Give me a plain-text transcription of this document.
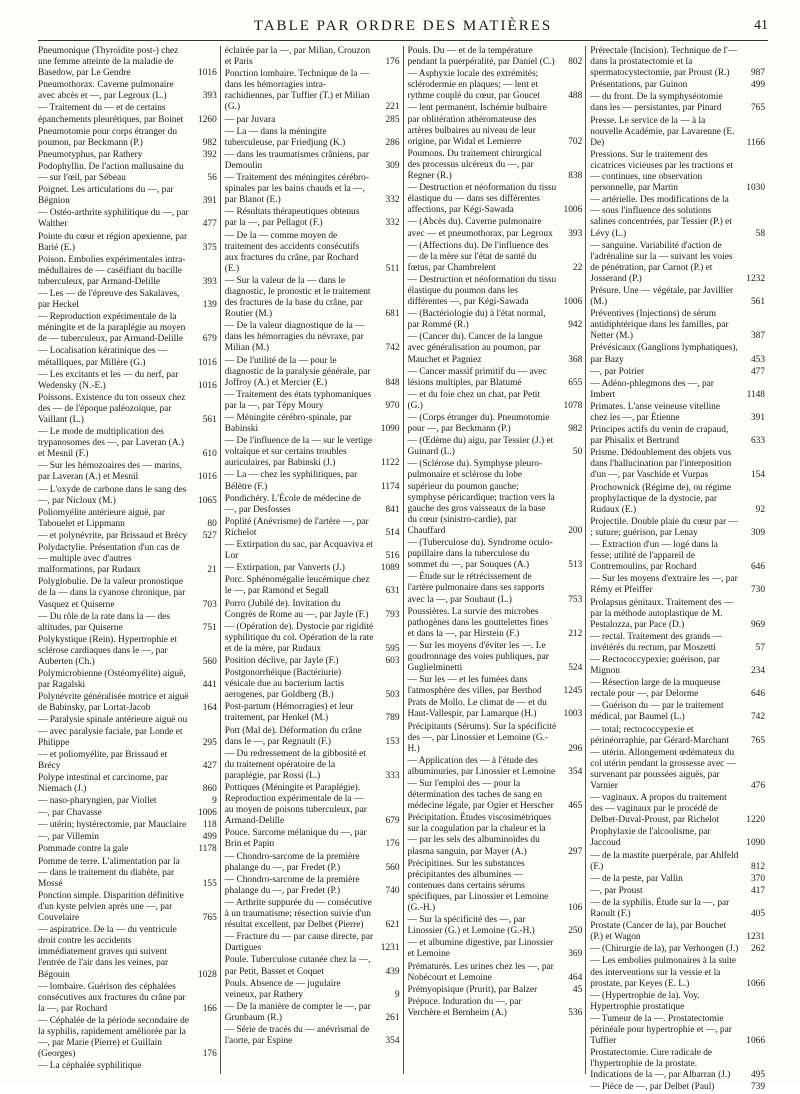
TABLE PAR ORDRE DES MATIÈRES	41
Pneumonique (Thyroïdite post-) chez une femme atteinte de la maladie de Basedow, par Le Gendre	1016
Pneumothorax. Caverne pulmonaire avec abcès et —, par Legroux (L.)	393
— Traitement du — et de certains épanchements pleurétiques, par Boinet	1260
Pneumotomie pour corps étranger du poumon, par Beckmann (P.)	982
Pneumotyphus, par Rathery	392
Podophyllin. De l'action mallusaine du — sur l'œil, par Sébeau	56
Poignet. Les articulations du —, par Bégnion	391
— Ostéo-arthrite syphilitique du —, par Walther	477
Pointe du cœur et région apexienne, par Barié (E.)	375
Poison. Embolies expérimentales intra-médullaires de — caséifiant du bacille tuberculeux, par Armand-Delille	393
— Les — de l'épreuve des Sakalaves, par Heckel	139
— Reproduction expérimentale de la méningite et de la paraplégie au moyen de — tuberculeux, par Armand-Delille	679
— Localisation kératinique des — métalliques, par Millère (G.)	1016
— Les excitants et les — du nerf, par Wedensky (N.-E.)	1016
Poissons. Existence du ton osseux chez des — de l'époque paléozoïque, par Vaillant (L.)	561
— Le mode de multiplication des trypanosomes des —, par Laveran (A.) et Mesnil (F.)	610
— Sur les hémozoaires des — marins, par Laveran (A.) et Mesnil	1016
— L'oxyde de carbone dans le sang des —, par Nicloux (M.)	1065
Poliomyélite antérieure aiguë, par Tabouelet et Lippmann	80
— et polynévrite, par Brissaud et Brécy	527
Polydactylie. Présentation d'un cas de — multiple avec d'autres malformations, par Rudaux	21
Polyglobulie. De la valeur pronostique de la — dans la cyanose chronique, par Vasquez et Quiserne	703
— Du rôle de la rate dans la — des altitudes, par Quiserne	751
Polykystique (Rein). Hypertrophie et sclérose cardiaques dans le —, par Auberten (Ch.)	560
Polymicrobienne (Ostéomyélite) aiguë, par Ragalski	441
Polynévrite généralisée motrice et aiguë de Babinsky, par Lortat-Jacob	164
— Paralysie spinale antérieure aiguë ou — avec paralysie faciale, par Londe et Philippe	295
— et poliomyélite, par Brissaud et Brécy	427
Polype intestinal et carcinome, par Niemach (J.)	860
— naso-pharyngien, par Viollet	9
—, par Chavasse	1006
— utérin; hystérectomie, par Mauclaire	118
—, par Villemin	499
Pommade contre la gale	1178
Pomme de terre. L'alimentation par la — dans le traitement du diabète, par Mossé	155
Ponction simple. Disparition définitive d'un kyste pelvien après une —, par Couvelaire	765
— aspiratrice. De la — du ventricule droit contre les accidents immédiatement graves qui suivent l'entrée de l'air dans les veines, par Bégouin	1028
— lombaire. Guérison des céphalées consécutives aux fractures du crâne par la —, par Rochard	166
— Céphalée de la période secondaire de la syphilis, rapidement améliorée par la —, par Marie (Pierre) et Guillain (Georges)	176
— La céphalée syphilitique
éclairée par la —, par Milian, Crouzon et Paris	176
Ponction lombaire. Technique de la — dans les hémorragies intra-rachidiennes, par Tuffier (T.) et Milian (G.)	221
— par Juvara	285
— La — dans la méningite tuberculeuse, par Friedjung (K.)	286
— dans les traumatismes crâniens, par Demoulin	309
— Traitement des méningites cérébro-spinales par les bains chauds et la —, par Blanot (E.)	332
— Résultats thérapeutiques obtenus par la —, par Pellagot (F.)	332
— De la — comme moyen de traitement des accidents consécutifs aux fractures du crâne, par Rochard (E.)	511
— Sur la valeur de la — dans le diagnostic, le pronostic et le traitement des fractures de la base du crâne, par Routier (M.)	681
— De la valeur diagnostique de la — dans les hémorragies du névraxe, par Milian (M.)	742
— De l'utilité de la — pour le diagnostic de la paralysie générale, par Joffroy (A.) et Mercier (E.)	848
— Traitement des états typhomaniques par la —, par Tépy Moury	970
— Méningite cérébro-spinale, par Babinski	1090
— De l'influence de la — sur le vertige voltaïque et sur certains troubles auriculaires, par Babinski (J.)	1122
— La — chez les syphilitiques, par Bélètre (F.)	1174
Pondichéry. L'École de médecine de —, par Desfosses	841
Poplité (Anévrisme) de l'artère —, par Richelot	514
— Extirpation du sac, par Acquaviva et Lor	516
— Extirpation, par Vanverts (J.)	1089
Porc. Sphénomégalie leucémique chez le —, par Ramond et Segall	631
Porro (Jubilé de). Invitation du Congrès de Rome au —, par Jayle (F.)	793
— (Opération de). Dystocie par rigidité syphilitique du col. Opération de la rate et de la mère, par Rudaux	595
Position déclive, par Jayle (F.)	603
Postgonorrhéique (Bactériurie) vésicale due au bacterium lactis aerogenes, par Goldberg (B.)	503
Post-partum (Hémorragies) et leur traitement, par Henkel (M.)	789
Pott (Mal de). Déformation du crâne dans le —, par Regnault (F.)	153
— Du redressement de la gibbosité et du traitement opératoire de la paraplégie, par Rossi (L.)	333
Pottiques (Méningite et Paraplégie). Reproduction expérimentale de la — au moyen de poisons tuberculeux, par Armand-Delille	679
Pouce. Sarcome mélanique du —, par Brin et Papin	176
— Chondro-sarcome de la première phalange du —, par Fredet (P.)	560
— Chondro-sarcome de la première phalange du —, par Fredet (P.)	740
— Arthrite suppurée du — consécutive à un traumatisme; résection suivie d'un résultat excellent, par Delbet (Pierre)	621
— Fracture du — par cause directe, par Dartigues	1231
Poule. Tuberculose cutanée chez la —, par Petit, Basset et Coquet	439
Pouls. Absence de — jugulaire veineux, par Rathery	9
— De la manière de compter le —, par Grunbaum (R.)	261
— Série de tracés du — anévrismal de l'aorte, par Espine	354
Pouls. Du — et de la température pendant la puerpéralité, par Daniel (C.)	802
— Asphyxie locale des extrémités; sclérodermie en plaques; — lent et rythme couplé du cœur, par Goucet	488
— lent permanent. Ischémie bulbaire par oblitération athéromateuse des artères bulbaires au niveau de leur origine, par Widal et Lemierre	702
Poumons. Du traitement chirurgical des processus ulcéreux du —, par Regner (R.)	838
— Destruction et néoformation du tissu élastique du — dans ses différentes affections, par Kégi-Sawada	1006
— (Abcès du). Caverne pulmonaire avec — et pneumothorax, par Legroux	393
— (Affections du). De l'influence des — de la mère sur l'état de santé du fœtus, par Chambrelent	22
— Destruction et néoformation du tissu élastique du poumon dans les différentes —, par Kégi-Sawada	1006
— (Bactériologie du) à l'état normal, par Rommé (R.)	942
— (Cancer du). Cancer de la langue avec généralisation au poumon, par Mauchet et Pagniez	368
— Cancer massif primitif du — avec lésions multiples, par Blatumé	655
— et du foie chez un chat, par Petit (G.)	1078
— (Corps étranger du). Pneumotomie pour —, par Beckmann (P.)	982
— (Œdème du) aigu, par Tessier (J.) et Guinard (L.)	50
— (Sclérose du). Symphyse pleuro-pulmonaire et sclérose du lobe supérieur du poumon gauche; symphyse péricardique; traction vers la gauche des gros vaisseaux de la base du cœur (sinistro-cardie), par Chauffard	200
— (Tuberculose du). Syndrome oculo-pupillaire dans la tuberculose du sommet du —, par Souques (A.)	513
— Étude sur le rétrécissement de l'artère pulmonaire dans ses rapports avec la —, par Souhaut (L.)	753
Poussières. La survie des microbes pathogènes dans les gouttelettes fines et dans la —, par Hirstein (F.)	212
— Sur les moyens d'éviter les —. Le goudronnage des voies publiques, par Guglielminetti	524
— Sur les — et les fumées dans l'atmosphère des villes, par Berthod	1245
Prats de Mollo. Le climat de — et du Haut-Vallespir, par Lamarque (H.)	1003
Précipitants (Sérums). Sur la spécificité des —, par Linossier et Lemoine (G.-H.)	296
— Application des — à l'étude des albuminuries, par Linossier et Lemoine	354
— Sur l'emploi des — pour la détermination des taches de sang en médecine légale, par Ogier et Herscher	465
Précipitation. Études viscosimétriques sur la coagulation par la chaleur et la — par les sels des albuminoïdes du plasma sanguin, par Mayer (A.)	297
Précipitines. Sur les substances précipitantes des albumines — contenues dans certains sérums spécifiques, par Linossier et Lemoine (G.-H.)	106
— Sur la spécificité des —, par Linossier (G.) et Lemoine (G.-H.)	250
— et albumine digestive, par Linossier et Lemoine	369
Prématurés. Les urines chez les —, par Nobécourt et Lemoine	464
Prémyopisique (Prurit), par Balzer	45
Prépuce. Induration du —, par Verchère et Bernheim (A.)	536
Prérectale (Incision). Technique de l'— dans la prostatectomie et la spermatocystectomie, par Proust (R.)	987
Présentations, par Guinon	499
— du front. De la symphyséotomie dans les — persistantes, par Pinard	765
Presse. Le service de la — à la nouvelle Académie, par Lavarenne (E. De)	1166
Pressions. Sur le traitement des cicatrices vicieuses par les tractions et — continues, une observation personnelle, par Martin	1030
— artérielle. Des modifications de la — sous l'influence des solutions salines concentrées, par Tessier (P.) et Lévy (L.)	58
— sanguine. Variabilité d'action de l'adrénaline sur la — suivant les voies de pénétration, par Carnot (P.) et Josserand (P.)	1232
Présure. Une — végétale, par Javillier (M.)	561
Préventives (Injections) de sérum antidiphtérique dans les familles, par Netter (M.)	387
Prévésicaux (Ganglions lymphatiques), par Bazy	453
—, par Poirier	477
— Adéno-phlegmons des —, par Imbert	1148
Primates. L'anse veineuse vitelline chez les —, par Étienne	391
Principes actifs du venin de crapaud, par Phisalix et Bertrand	633
Prisme. Dédoublement des objets vus dans l'hallucination par l'interposition d'un —, par Vaschide et Vurpas	154
Prochownick (Régime de), ou régime prophylactique de la dystocie, par Rudaux (E.)	92
Projectile. Double plaie du cœur par — ; suture; guérison, par Lenay	309
— Extraction d'un — logé dans la fesse; utilité de l'appareil de Contremoulins, par Rochard	646
— Sur les moyens d'extraire les —, par Rémy et Pfeiffer	730
Prolapsus génitaux. Traitement des — par la méthode autoplastique de M. Pestalozza, par Pace (D.)	969
— rectal. Traitement des grands — invétérés du rectum, par Moszetti	57
— Rectococcypexie; guérison, par Mignon	234
— Résection large de la muqueuse rectale pour —, par Delorme	646
— Guérison du — par le traitement médical, par Baumel (L.)	742
— total; rectococcypexie et périnéorraphie, par Gérard-Marchant	765
— utérin. Allongement œdémateux du col utérin pendant la grossesse avec — survenant par poussées aiguës, par Varnier	476
— vaginaux. A propos du traitement des — vaginaux par le procédé de Delbet-Duval-Proust, par Richelot	1220
Prophylaxie de l'alcoolisme, par Jaccoud	1090
— de la mastite puerpérale, par Ahlfeld (F.)	812
— de la peste, par Vallin	370
—, par Proust	417
— de la syphilis. Étude sur la —, par Raoult (F.)	405
Prostate (Cancer de la), par Bouchet (P.) et Wagon	1231
— (Chirurgie de la), par Verhoogen (J.)	262
— Les embolies pulmonaires à la suite des interventions sur la vessie et la prostate, par Keyes (E. L.)	1066
— (Hypertrophie de la). Voy. Hypertrophie prostatique
— Tumeur de la —. Prostatectomie périnéale pour hypertrophie et —, par Tuffier	1066
Prostatectomie. Cure radicale de l'hypertrophie de la prostate. Indications de la —, par Albarran (J.)	495
— Pièce de —, par Delbet (Paul)	739
